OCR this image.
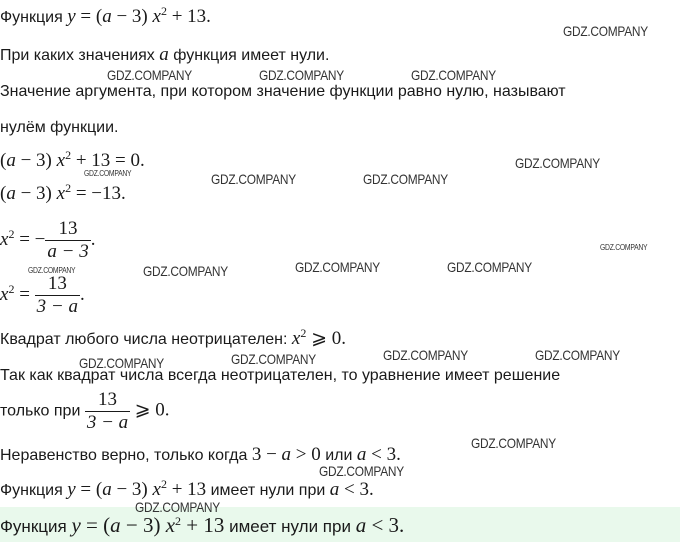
Функция y = (a − 3) $x^2 + 13$.
При каких значениях a функция имеет нули.
Значение аргумента, при котором значение функции равно нулю, называют
нулём функции.
(a − 3) $x^2 + 13 = 0$.
(a − 3) $x^2 = -13$.
$x^2$ = − $\frac{13}{a - 3}$ .
$x^2 = \frac{13}{3 - a}$ .
Квадрат любого числа неотрицателен: $x^2$ ⩾ 0.
Так как квадрат числа всегда неотрицателен, то уравнение имеет решение
только при $\frac{13}{3 - a}$ ⩾ 0.
Неравенство верно, только когда 3 − a > 0 или a < 3.
Функция y = (a − 3) $x^2 + 13$ имеет нули при a < 3.
Функция y = (a − 3) $x^2 + 13$ имеет нули при a < 3.
GDZ.COMPANY
GDZ.COMPANY	GDZ.COMPANY	GDZ.COMPANY
GDZ.COMPANY
GDZ.COMPANY	GDZ.COMPANY	GDZ.COMPANY
GDZ.COMPANY
GDZ.COMPANY	GDZ.COMPANY	GDZ.COMPANY	GDZ.COMPANY
GDZ.COMPANY	GDZ.COMPANY	GDZ.COMPANY	GDZ.COMPANY
GDZ.COMPANY
GDZ.COMPANY
GDZ.COMPANY
